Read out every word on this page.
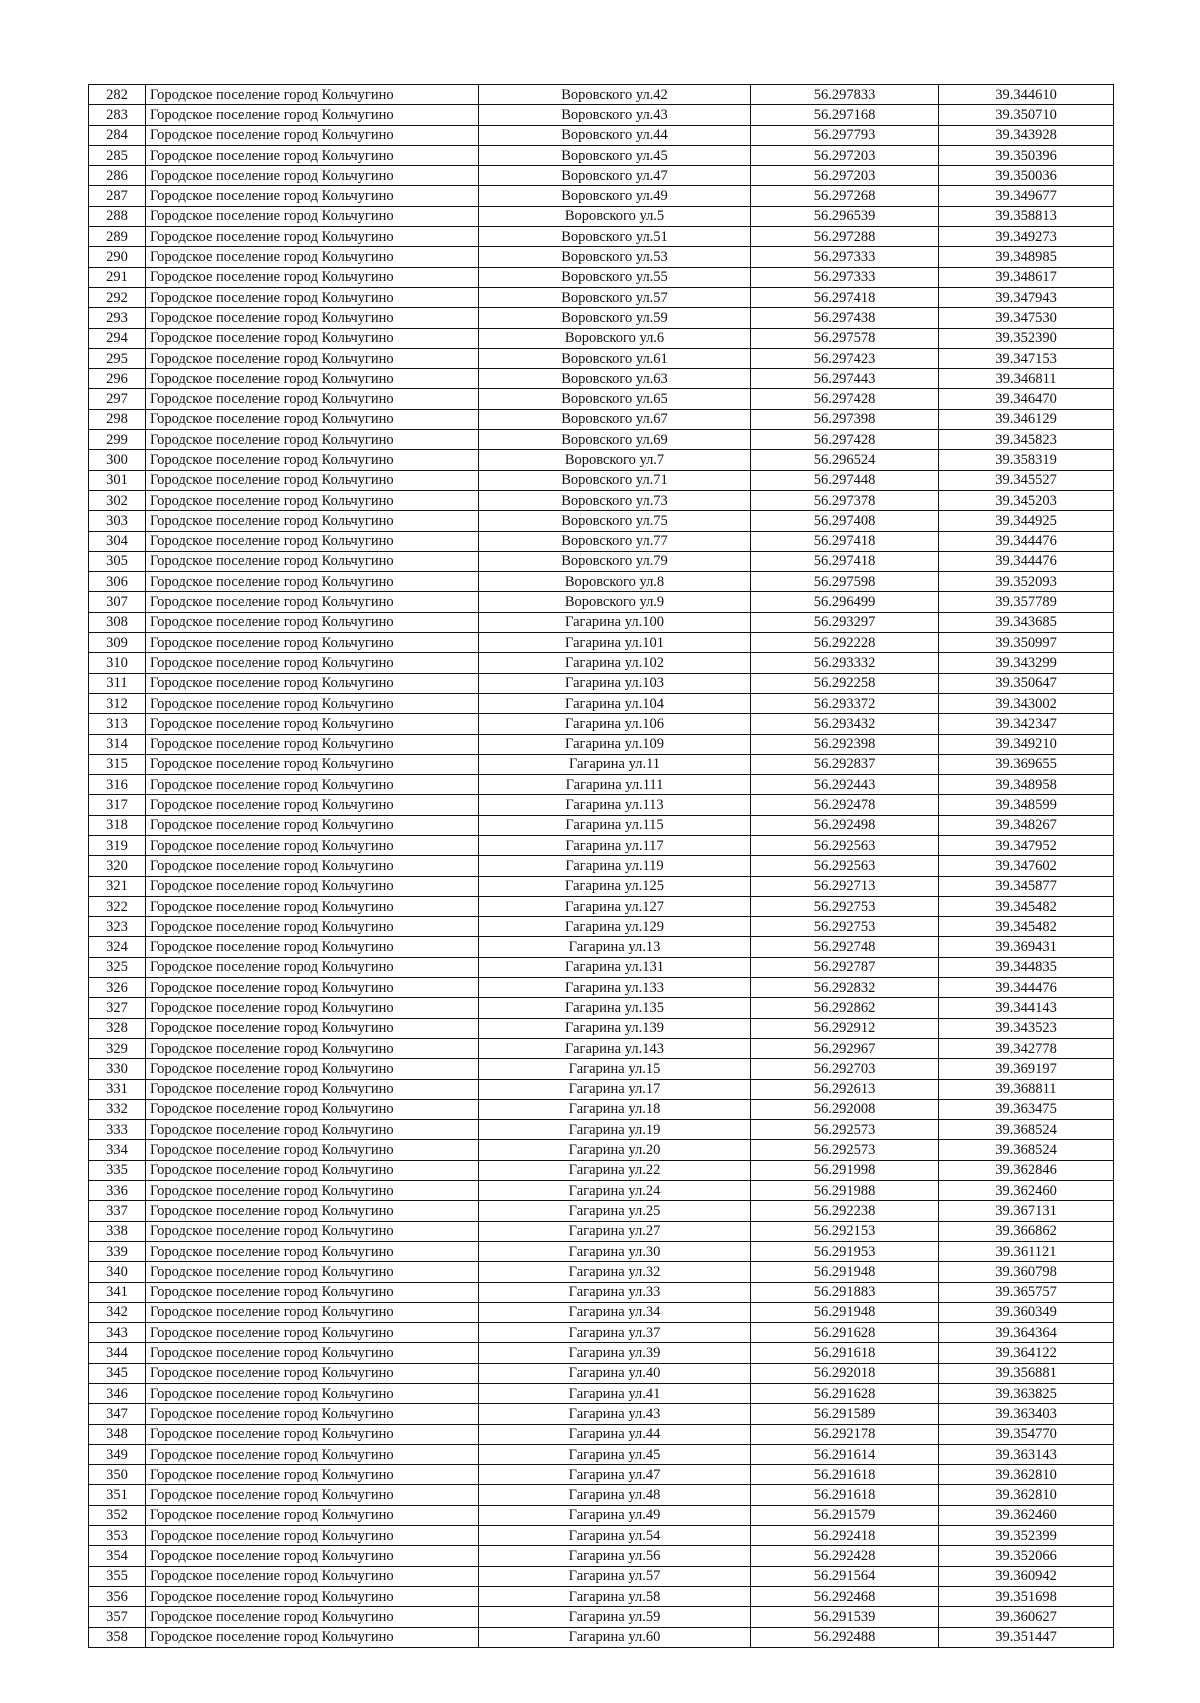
282	Городское поселение город Кольчугино	Воровского ул.42	56.297833	39.344610
283	Городское поселение город Кольчугино	Воровского ул.43	56.297168	39.350710
284	Городское поселение город Кольчугино	Воровского ул.44	56.297793	39.343928
285	Городское поселение город Кольчугино	Воровского ул.45	56.297203	39.350396
286	Городское поселение город Кольчугино	Воровского ул.47	56.297203	39.350036
287	Городское поселение город Кольчугино	Воровского ул.49	56.297268	39.349677
288	Городское поселение город Кольчугино	Воровского ул.5	56.296539	39.358813
289	Городское поселение город Кольчугино	Воровского ул.51	56.297288	39.349273
290	Городское поселение город Кольчугино	Воровского ул.53	56.297333	39.348985
291	Городское поселение город Кольчугино	Воровского ул.55	56.297333	39.348617
292	Городское поселение город Кольчугино	Воровского ул.57	56.297418	39.347943
293	Городское поселение город Кольчугино	Воровского ул.59	56.297438	39.347530
294	Городское поселение город Кольчугино	Воровского ул.6	56.297578	39.352390
295	Городское поселение город Кольчугино	Воровского ул.61	56.297423	39.347153
296	Городское поселение город Кольчугино	Воровского ул.63	56.297443	39.346811
297	Городское поселение город Кольчугино	Воровского ул.65	56.297428	39.346470
298	Городское поселение город Кольчугино	Воровского ул.67	56.297398	39.346129
299	Городское поселение город Кольчугино	Воровского ул.69	56.297428	39.345823
300	Городское поселение город Кольчугино	Воровского ул.7	56.296524	39.358319
301	Городское поселение город Кольчугино	Воровского ул.71	56.297448	39.345527
302	Городское поселение город Кольчугино	Воровского ул.73	56.297378	39.345203
303	Городское поселение город Кольчугино	Воровского ул.75	56.297408	39.344925
304	Городское поселение город Кольчугино	Воровского ул.77	56.297418	39.344476
305	Городское поселение город Кольчугино	Воровского ул.79	56.297418	39.344476
306	Городское поселение город Кольчугино	Воровского ул.8	56.297598	39.352093
307	Городское поселение город Кольчугино	Воровского ул.9	56.296499	39.357789
308	Городское поселение город Кольчугино	Гагарина ул.100	56.293297	39.343685
309	Городское поселение город Кольчугино	Гагарина ул.101	56.292228	39.350997
310	Городское поселение город Кольчугино	Гагарина ул.102	56.293332	39.343299
311	Городское поселение город Кольчугино	Гагарина ул.103	56.292258	39.350647
312	Городское поселение город Кольчугино	Гагарина ул.104	56.293372	39.343002
313	Городское поселение город Кольчугино	Гагарина ул.106	56.293432	39.342347
314	Городское поселение город Кольчугино	Гагарина ул.109	56.292398	39.349210
315	Городское поселение город Кольчугино	Гагарина ул.11	56.292837	39.369655
316	Городское поселение город Кольчугино	Гагарина ул.111	56.292443	39.348958
317	Городское поселение город Кольчугино	Гагарина ул.113	56.292478	39.348599
318	Городское поселение город Кольчугино	Гагарина ул.115	56.292498	39.348267
319	Городское поселение город Кольчугино	Гагарина ул.117	56.292563	39.347952
320	Городское поселение город Кольчугино	Гагарина ул.119	56.292563	39.347602
321	Городское поселение город Кольчугино	Гагарина ул.125	56.292713	39.345877
322	Городское поселение город Кольчугино	Гагарина ул.127	56.292753	39.345482
323	Городское поселение город Кольчугино	Гагарина ул.129	56.292753	39.345482
324	Городское поселение город Кольчугино	Гагарина ул.13	56.292748	39.369431
325	Городское поселение город Кольчугино	Гагарина ул.131	56.292787	39.344835
326	Городское поселение город Кольчугино	Гагарина ул.133	56.292832	39.344476
327	Городское поселение город Кольчугино	Гагарина ул.135	56.292862	39.344143
328	Городское поселение город Кольчугино	Гагарина ул.139	56.292912	39.343523
329	Городское поселение город Кольчугино	Гагарина ул.143	56.292967	39.342778
330	Городское поселение город Кольчугино	Гагарина ул.15	56.292703	39.369197
331	Городское поселение город Кольчугино	Гагарина ул.17	56.292613	39.368811
332	Городское поселение город Кольчугино	Гагарина ул.18	56.292008	39.363475
333	Городское поселение город Кольчугино	Гагарина ул.19	56.292573	39.368524
334	Городское поселение город Кольчугино	Гагарина ул.20	56.292573	39.368524
335	Городское поселение город Кольчугино	Гагарина ул.22	56.291998	39.362846
336	Городское поселение город Кольчугино	Гагарина ул.24	56.291988	39.362460
337	Городское поселение город Кольчугино	Гагарина ул.25	56.292238	39.367131
338	Городское поселение город Кольчугино	Гагарина ул.27	56.292153	39.366862
339	Городское поселение город Кольчугино	Гагарина ул.30	56.291953	39.361121
340	Городское поселение город Кольчугино	Гагарина ул.32	56.291948	39.360798
341	Городское поселение город Кольчугино	Гагарина ул.33	56.291883	39.365757
342	Городское поселение город Кольчугино	Гагарина ул.34	56.291948	39.360349
343	Городское поселение город Кольчугино	Гагарина ул.37	56.291628	39.364364
344	Городское поселение город Кольчугино	Гагарина ул.39	56.291618	39.364122
345	Городское поселение город Кольчугино	Гагарина ул.40	56.292018	39.356881
346	Городское поселение город Кольчугино	Гагарина ул.41	56.291628	39.363825
347	Городское поселение город Кольчугино	Гагарина ул.43	56.291589	39.363403
348	Городское поселение город Кольчугино	Гагарина ул.44	56.292178	39.354770
349	Городское поселение город Кольчугино	Гагарина ул.45	56.291614	39.363143
350	Городское поселение город Кольчугино	Гагарина ул.47	56.291618	39.362810
351	Городское поселение город Кольчугино	Гагарина ул.48	56.291618	39.362810
352	Городское поселение город Кольчугино	Гагарина ул.49	56.291579	39.362460
353	Городское поселение город Кольчугино	Гагарина ул.54	56.292418	39.352399
354	Городское поселение город Кольчугино	Гагарина ул.56	56.292428	39.352066
355	Городское поселение город Кольчугино	Гагарина ул.57	56.291564	39.360942
356	Городское поселение город Кольчугино	Гагарина ул.58	56.292468	39.351698
357	Городское поселение город Кольчугино	Гагарина ул.59	56.291539	39.360627
358	Городское поселение город Кольчугино	Гагарина ул.60	56.292488	39.351447
